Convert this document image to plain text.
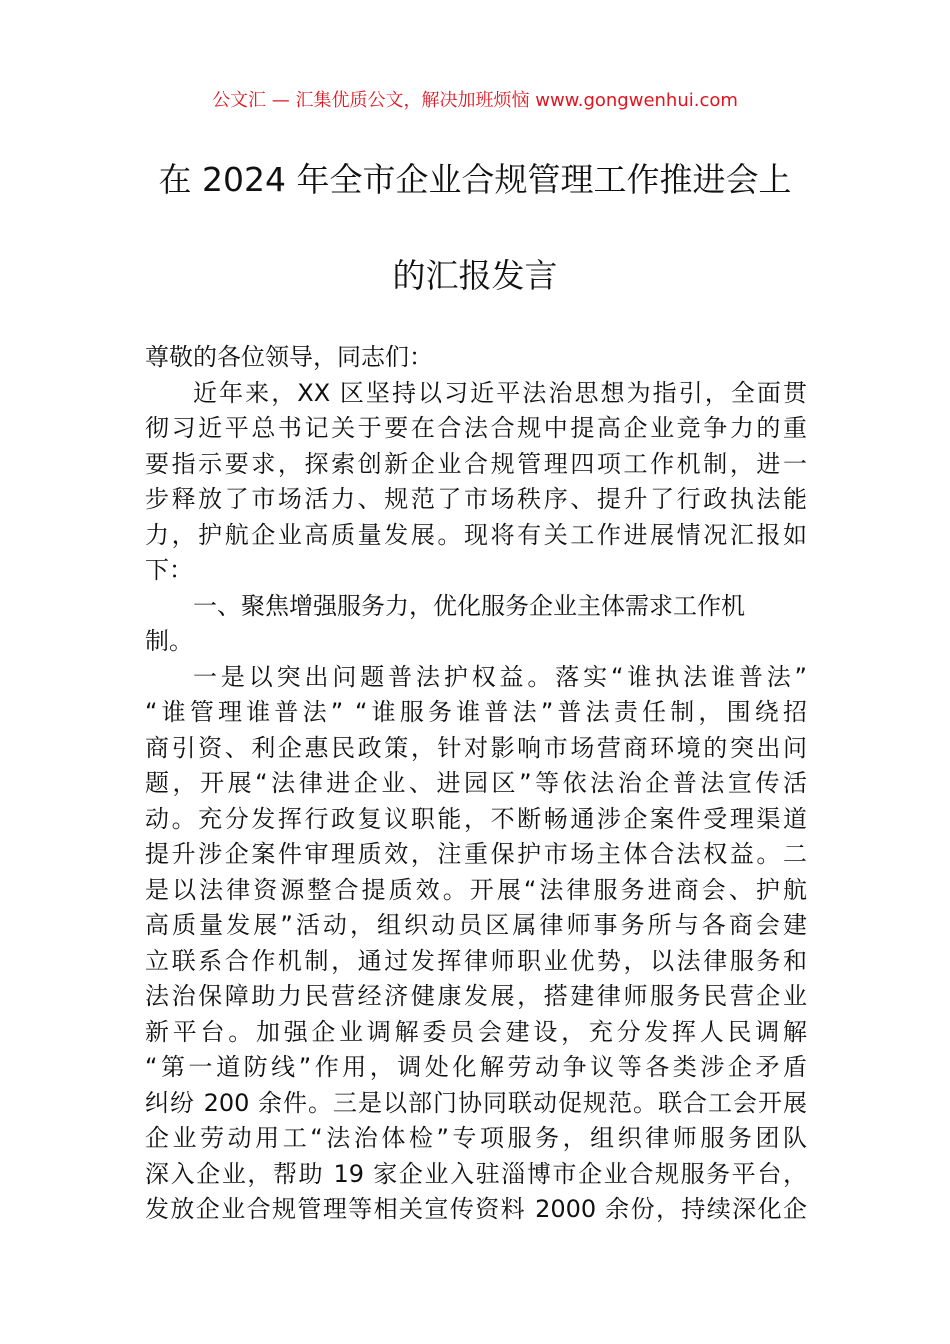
公文汇 — 汇集优质公文，解决加班烦恼 www.gongwenhui.com
在 2024 年全市企业合规管理工作推进会上
的汇报发言
尊敬的各位领导，同志们：
近年来，XX 区坚持以习近平法治思想为指引，全面贯
彻习近平总书记关于要在合法合规中提高企业竞争力的重
要指示要求，探索创新企业合规管理四项工作机制，进一
步释放了市场活力、规范了市场秩序、提升了行政执法能
力，护航企业高质量发展。现将有关工作进展情况汇报如
下：
一、聚焦增强服务力，优化服务企业主体需求工作机
制。
一是以突出问题普法护权益。落实“谁执法谁普法”
“谁管理谁普法” “谁服务谁普法”普法责任制，围绕招
商引资、利企惠民政策，针对影响市场营商环境的突出问
题，开展“法律进企业、进园区”等依法治企普法宣传活
动。充分发挥行政复议职能，不断畅通涉企案件受理渠道
提升涉企案件审理质效，注重保护市场主体合法权益。二
是以法律资源整合提质效。开展“法律服务进商会、护航
高质量发展”活动，组织动员区属律师事务所与各商会建
立联系合作机制，通过发挥律师职业优势，以法律服务和
法治保障助力民营经济健康发展，搭建律师服务民营企业
新平台。加强企业调解委员会建设，充分发挥人民调解
“第一道防线”作用，调处化解劳动争议等各类涉企矛盾
纠纷 200 余件。三是以部门协同联动促规范。联合工会开展
企业劳动用工“法治体检”专项服务，组织律师服务团队
深入企业，帮助 19 家企业入驻淄博市企业合规服务平台，
发放企业合规管理等相关宣传资料 2000 余份，持续深化企
